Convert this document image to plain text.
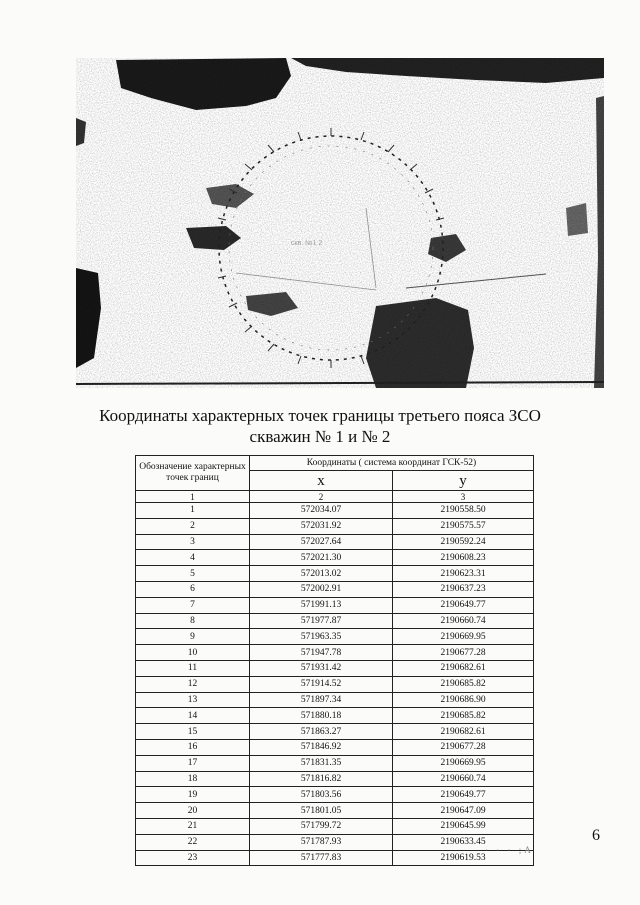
скв. №1 2
Координаты характерных точек границы третьего пояса ЗСО
скважин № 1 и № 2
Обозначение характерных точек границ	Координаты ( система координат ГСК-52)	
	x	y
1	2	3
1	572034.07	2190558.50
2	572031.92	2190575.57
3	572027.64	2190592.24
4	572021.30	2190608.23
5	572013.02	2190623.31
6	572002.91	2190637.23
7	571991.13	2190649.77
8	571977.87	2190660.74
9	571963.35	2190669.95
10	571947.78	2190677.28
11	571931.42	2190682.61
12	571914.52	2190685.82
13	571897.34	2190686.90
14	571880.18	2190685.82
15	571863.27	2190682.61
16	571846.92	2190677.28
17	571831.35	2190669.95
18	571816.82	2190660.74
19	571803.56	2190649.77
20	571801.05	2190647.09
21	571799.72	2190645.99
22	571787.93	2190633.45
23	571777.83	2190619.53
6
· · · ;A
